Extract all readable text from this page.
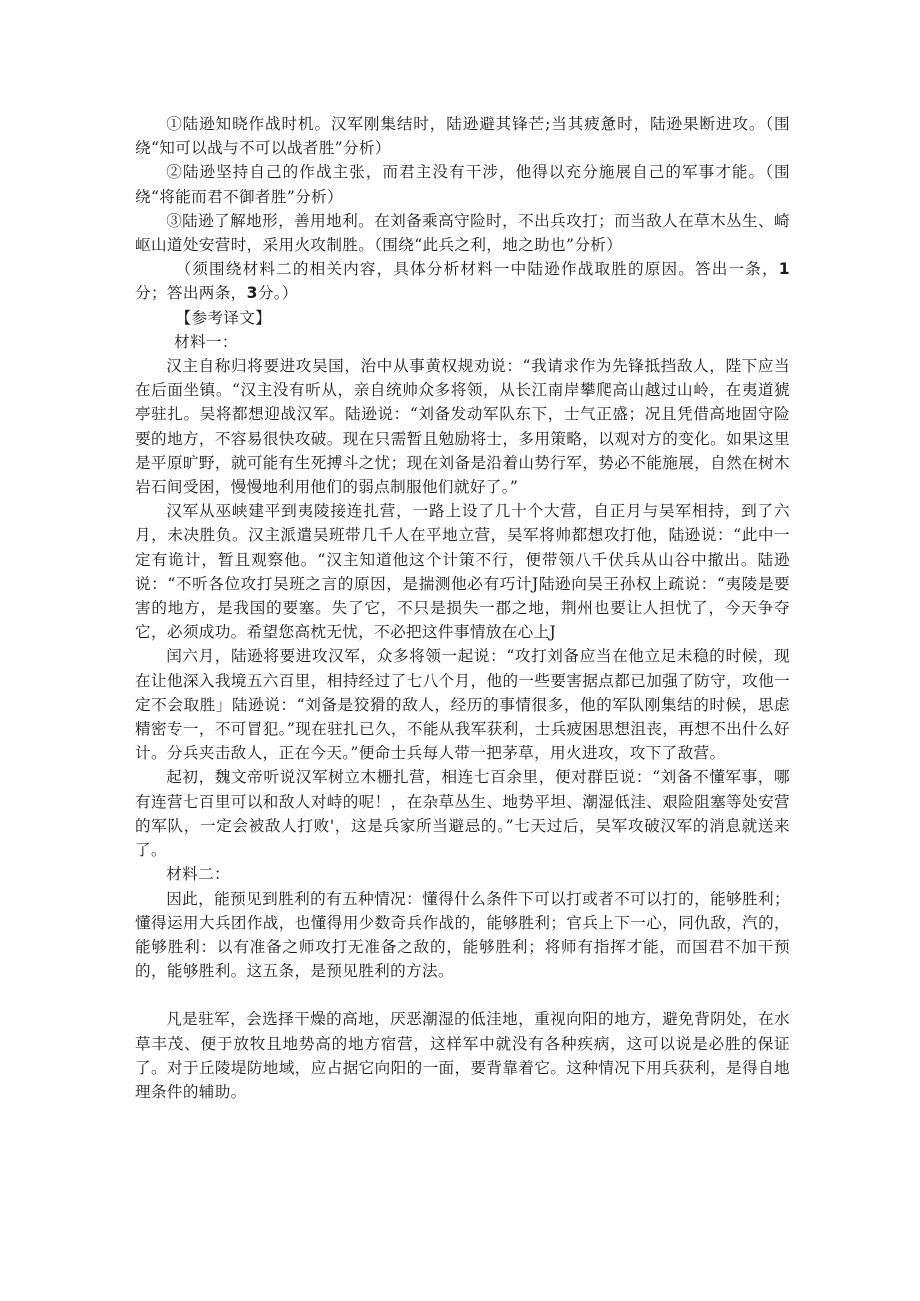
①陆逊知晓作战时机。汉军刚集结时，陆逊避其锋芒;当其疲惫时，陆逊果断进攻。（围绕“知可以战与不可以战者胜”分析）

②陆逊坚持自己的作战主张，而君主没有干涉，他得以充分施展自己的军事才能。（围绕“将能而君不御者胜”分析）

③陆逊了解地形，善用地利。在刘备乘高守险时，不出兵攻打；而当敌人在草木丛生、崎岖山道处安营时，采用火攻制胜。（围绕“此兵之利，地之助也”分析）

（须围绕材料二的相关内容，具体分析材料一中陆逊作战取胜的原因。答出一条，1分；答出两条，3分。）

【参考译文】

材料一：

汉主自称归将要进攻吴国，治中从事黄权规劝说：“我请求作为先锋抵挡敌人，陛下应当在后面坐镇。“汉主没有听从，亲自统帅众多将领，从长江南岸攀爬高山越过山岭，在夷道猇亭驻扎。吴将都想迎战汉军。陆逊说：“刘备发动军队东下，士气正盛；况且凭借高地固守险要的地方，不容易很快攻破。现在只需暂且勉励将士，多用策略，以观对方的变化。如果这里是平原旷野，就可能有生死搏斗之忧；现在刘备是沿着山势行军，势必不能施展，自然在树木岩石间受困，慢慢地利用他们的弱点制服他们就好了。”

汉军从巫峡建平到夷陵接连扎营，一路上设了几十个大营，自正月与吴军相持，到了六月，未决胜负。汉主派遣吴班带几千人在平地立营，吴军将帅都想攻打他，陆逊说：“此中一定有诡计，暂且观察他。“汉主知道他这个计策不行，便带领八千伏兵从山谷中撤出。陆逊说：“不听各位攻打吴班之言的原因，是揣测他必有巧计J陆逊向吴王孙权上疏说：“夷陵是要害的地方，是我国的要塞。失了它，不只是损失一郡之地，荆州也要让人担忧了，今天争夺它，必须成功。希望您高枕无忧，不必把这件事情放在心上J

闰六月，陆逊将要进攻汉军，众多将领一起说：“攻打刘备应当在他立足未稳的时候，现在让他深入我境五六百里，相持经过了七八个月，他的一些要害据点都已加强了防守，攻他一定不会取胜」陆逊说：“刘备是狡猾的敌人，经历的事情很多，他的军队刚集结的时候，思虑精密专一，不可冒犯。”现在驻扎已久，不能从我军获利，士兵疲困思想沮丧，再想不出什么好计。分兵夹击敌人，正在今天。”便命士兵每人带一把茅草，用火进攻，攻下了敌营。

起初，魏文帝听说汉军树立木栅扎营，相连七百余里，便对群臣说：“刘备不懂军事，哪有连营七百里可以和敌人对峙的呢！，在杂草丛生、地势平坦、潮湿低洼、艰险阻塞等处安营的军队，一定会被敌人打败'，这是兵家所当避忌的。”七天过后，吴军攻破汉军的消息就送来了。

材料二：

因此，能预见到胜利的有五种情况：懂得什么条件下可以打或者不可以打的，能够胜利；懂得运用大兵团作战，也懂得用少数奇兵作战的，能够胜利；官兵上下一心，同仇敌，汽的，能够胜利：以有准备之师攻打无准备之敌的，能够胜利；将师有指挥才能，而国君不加干预的，能够胜利。这五条，是预见胜利的方法。

凡是驻军，会选择干燥的高地，厌恶潮湿的低洼地，重视向阳的地方，避免背阴处，在水草丰茂、便于放牧且地势高的地方宿营，这样军中就没有各种疾病，这可以说是必胜的保证了。对于丘陵堤防地域，应占据它向阳的一面，要背靠着它。这种情况下用兵获利，是得自地理条件的辅助。
